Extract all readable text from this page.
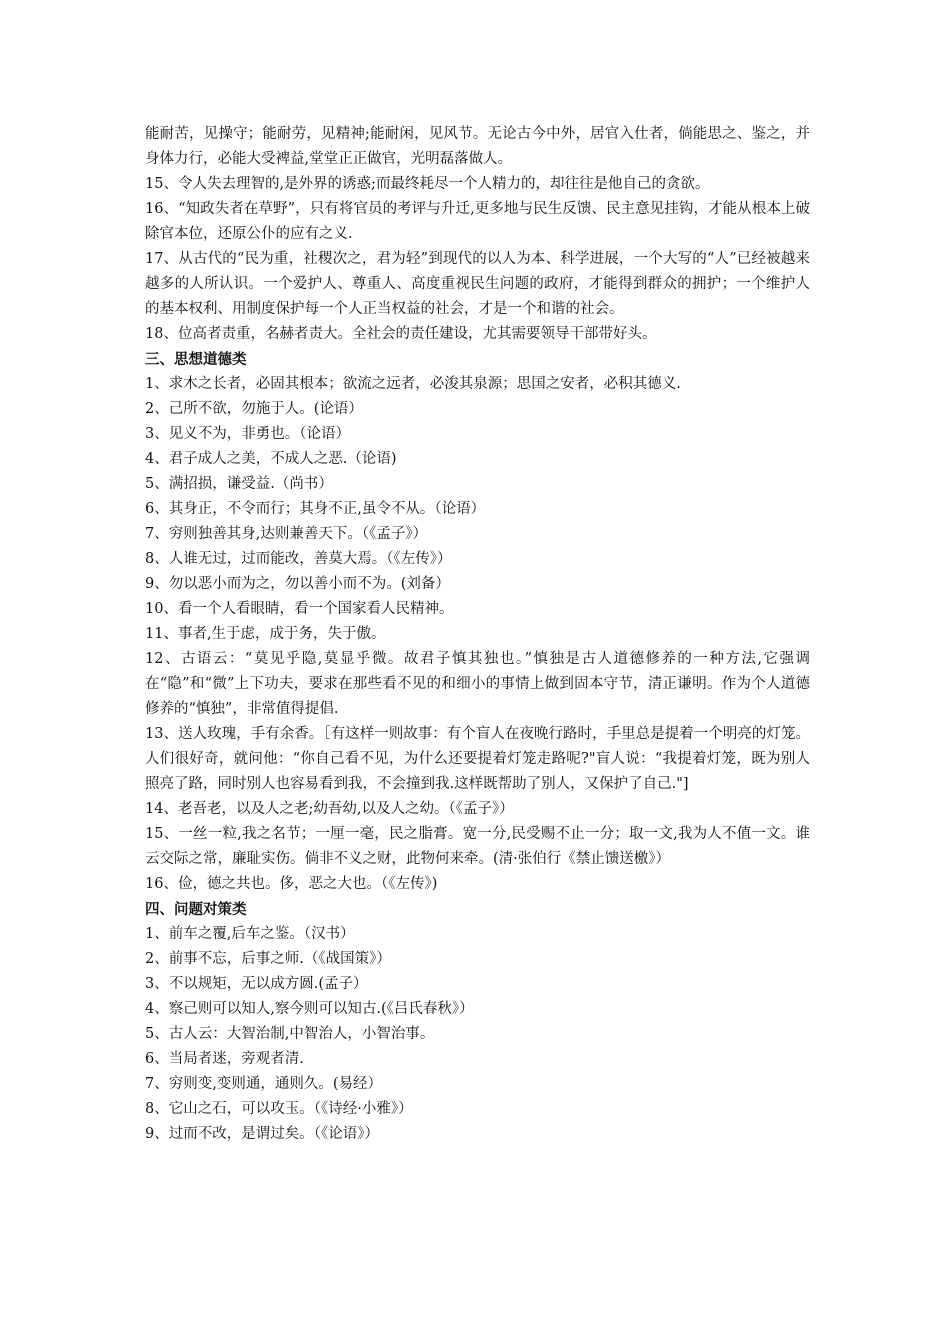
能耐苦，见操守；能耐劳，见精神;能耐闲，见风节。无论古今中外，居官入仕者，倘能思之、鉴之，并身体力行，必能大受裨益,堂堂正正做官，光明磊落做人。

15、令人失去理智的,是外界的诱惑;而最终耗尽一个人精力的，却往往是他自己的贪欲。

16、“知政失者在草野”，只有将官员的考评与升迁,更多地与民生反馈、民主意见挂钩，才能从根本上破除官本位，还原公仆的应有之义.

17、从古代的“民为重，社稷次之，君为轻”到现代的以人为本、科学进展，一个大写的“人”已经被越来越多的人所认识。一个爱护人、尊重人、高度重视民生问题的政府，才能得到群众的拥护；一个维护人的基本权利、用制度保护每一个人正当权益的社会，才是一个和谐的社会。

18、位高者责重，名赫者责大。全社会的责任建设，尤其需要领导干部带好头。

三、思想道德类

1、求木之长者，必固其根本；欲流之远者，必浚其泉源；思国之安者，必积其德义.

2、己所不欲，勿施于人。(论语）

3、见义不为，非勇也。（论语）

4、君子成人之美，不成人之恶.（论语)

5、满招损，谦受益.（尚书）

6、其身正，不令而行；其身不正,虽令不从。（论语）

7、穷则独善其身,达则兼善天下。（《孟子》）

8、人谁无过，过而能改，善莫大焉。（《左传》）

9、勿以恶小而为之，勿以善小而不为。(刘备）

10、看一个人看眼睛，看一个国家看人民精神。

11、事者,生于虑，成于务，失于傲。

12、古语云：“莫见乎隐,莫显乎微。故君子慎其独也。”慎独是古人道德修养的一种方法,它强调在“隐”和“微”上下功夫，要求在那些看不见的和细小的事情上做到固本守节，清正谦明。作为个人道德修养的“慎独”，非常值得提倡.

13、送人玫瑰，手有余香。［有这样一则故事：有个盲人在夜晚行路时，手里总是提着一个明亮的灯笼。人们很好奇，就问他：“你自己看不见，为什么还要提着灯笼走路呢?"盲人说：“我提着灯笼，既为别人照亮了路，同时别人也容易看到我，不会撞到我.这样既帮助了别人，又保护了自己."]

14、老吾老，以及人之老;幼吾幼,以及人之幼。（《孟子》）

15、一丝一粒,我之名节；一厘一毫，民之脂膏。宽一分,民受赐不止一分；取一文,我为人不值一文。谁云交际之常，廉耻实伤。倘非不义之财，此物何来牵。(清·张伯行《禁止馈送檄》）

16、俭，德之共也。侈，恶之大也。（《左传》)

四、问题对策类

1、前车之覆,后车之鉴。（汉书）

2、前事不忘，后事之师.（《战国策》）

3、不以规矩，无以成方圆.(孟子）

4、察己则可以知人,察今则可以知古.(《吕氏春秋》）

5、古人云：大智治制,中智治人，小智治事。

6、当局者迷，旁观者清.

7、穷则变,变则通，通则久。(易经）

8、它山之石，可以攻玉。（《诗经·小雅》）

9、过而不改，是谓过矣。（《论语》）
